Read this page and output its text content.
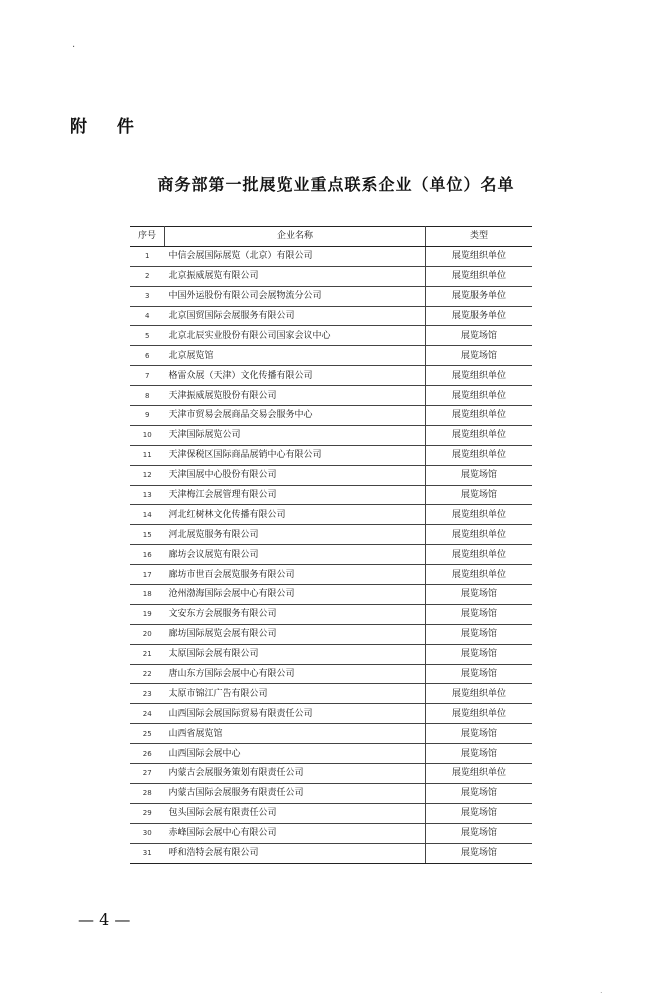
·
附 件
商务部第一批展览业重点联系企业（单位）名单
序号	企业名称	类型
1	中信会展国际展览（北京）有限公司	展览组织单位
2	北京振威展览有限公司	展览组织单位
3	中国外运股份有限公司会展物流分公司	展览服务单位
4	北京国贸国际会展服务有限公司	展览服务单位
5	北京北辰实业股份有限公司国家会议中心	展览场馆
6	北京展览馆	展览场馆
7	格雷众展（天津）文化传播有限公司	展览组织单位
8	天津振威展览股份有限公司	展览组织单位
9	天津市贸易会展商品交易会服务中心	展览组织单位
10	天津国际展览公司	展览组织单位
11	天津保税区国际商品展销中心有限公司	展览组织单位
12	天津国展中心股份有限公司	展览场馆
13	天津梅江会展管理有限公司	展览场馆
14	河北红树林文化传播有限公司	展览组织单位
15	河北展览服务有限公司	展览组织单位
16	廊坊会议展览有限公司	展览组织单位
17	廊坊市世百会展览服务有限公司	展览组织单位
18	沧州渤海国际会展中心有限公司	展览场馆
19	文安东方会展服务有限公司	展览场馆
20	廊坊国际展览会展有限公司	展览场馆
21	太原国际会展有限公司	展览场馆
22	唐山东方国际会展中心有限公司	展览场馆
23	太原市锦江广告有限公司	展览组织单位
24	山西国际会展国际贸易有限责任公司	展览组织单位
25	山西省展览馆	展览场馆
26	山西国际会展中心	展览场馆
27	内蒙古会展服务策划有限责任公司	展览组织单位
28	内蒙古国际会展服务有限责任公司	展览场馆
29	包头国际会展有限责任公司	展览场馆
30	赤峰国际会展中心有限公司	展览场馆
31	呼和浩特会展有限公司	展览场馆
— 4 —
.
